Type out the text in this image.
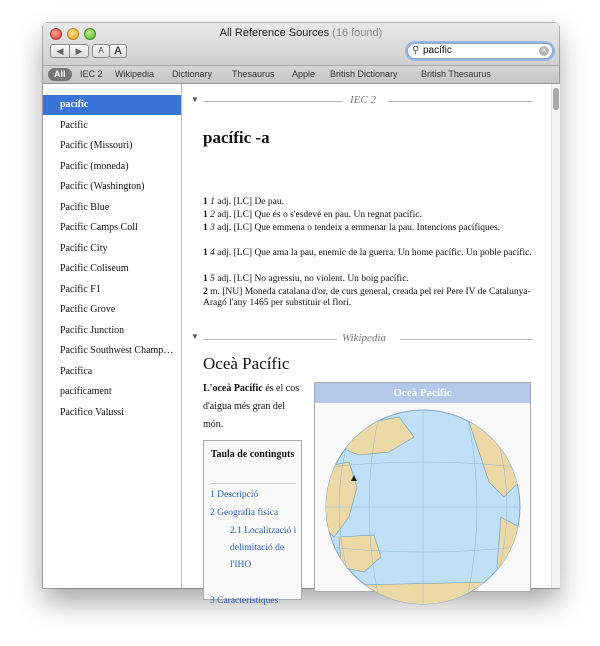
All Reference Sources (16 found)
◀	▶	A A	⚲ pacífic	×
All	IEC 2 Wikipedia Dictionary Thesaurus Apple British Dictionary	British Thesaurus
pacífic
Pacific
Pacific (Missouri)
Pacific (moneda)
Pacific (Washington)
Pacific Blue
Pacific Camps Coll
Pacific City
Pacific Coliseum
Pacific F1
Pacific Grove
Pacific Junction
Pacific Southwest Champ…
Pacifica
pacíficament
Pacifico Valussi
▼	IEC 2
pacífic -a
1 1 adj. [LC] De pau.
1 2 adj. [LC] Que és o s'esdevé en pau. Un regnat pacífic.
1 3 adj. [LC] Que emmena o tendeix a emmenar la pau. Intencions pacífiques.
1 4 adj. [LC] Que ama la pau, enemic de la guerra. Un home pacífic. Un poble pacífic.
1 5 adj. [LC] No agressiu, no violent. Un boig pacífic.
2 m. [NU] Moneda catalana d'or, de curs general, creada pel rei Pere IV de Catalunya-Aragó l'any 1465 per substituir el florí.
▼	Wikipedia
Oceà Pacífic
L'oceà Pacífic és el cos d'aigua més gran del món.
Taula de continguts
1 Descripció
2 Geografia física
2.1 Localització i delimitació de l'IHO
3 Característiques
Oceà Pacífic
